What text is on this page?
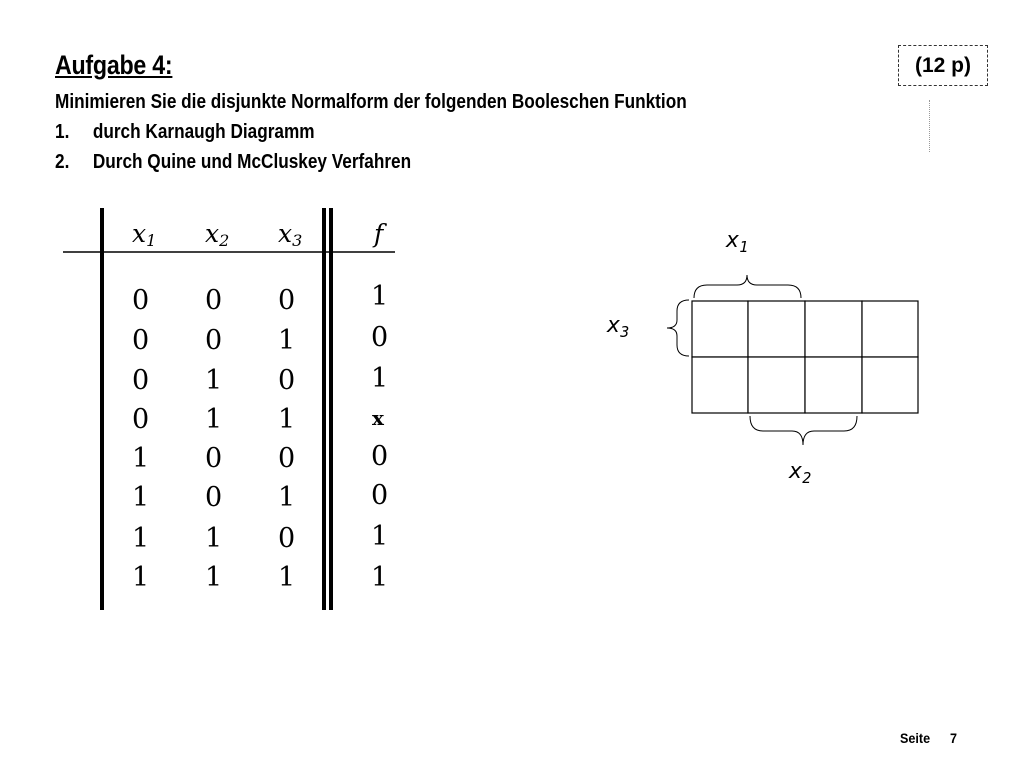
Aufgabe 4:
Minimieren Sie die disjunkte Normalform der folgenden Booleschen Funktion
1. durch Karnaugh Diagramm
2. Durch Quine und McCluskey Verfahren
(12 p)
x1 x2 x3	f
0 0 0	1
0 0 1	0
0 1 0	1
0 1 1	x
1 0 0	0
1 0 1	0
1 1 0	1
1 1 1	1
$x_1$
$x_3$
$x_2$
Seite 7
